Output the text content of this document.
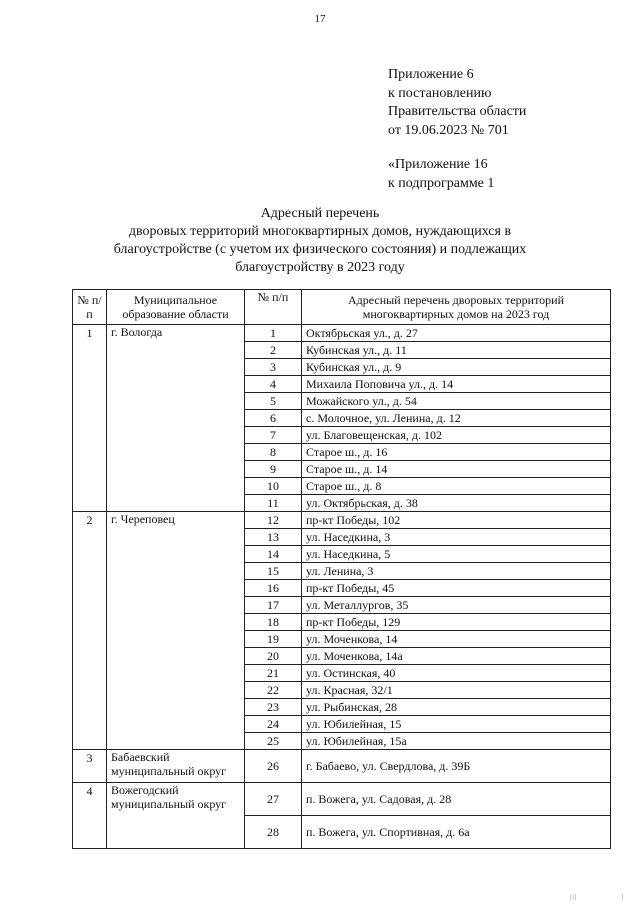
17
Приложение 6
к постановлению
Правительства области
от 19.06.2023 № 701
«Приложение 16
к подпрограмме 1
Адресный перечень
дворовых территорий многоквартирных домов, нуждающихся в
благоустройстве (с учетом их физического состояния) и подлежащих
благоустройству в 2023 году
№ п/п	Муниципальное образование области	№ п/п	Адресный перечень дворовых территорий многоквартирных домов на 2023 год
1	г. Вологда	1	Октябрьская ул., д. 27
		2	Кубинская ул., д. 11
		3	Кубинская ул., д. 9
		4	Михаила Поповича ул., д. 14
		5	Можайского ул., д. 54
		6	с. Молочное, ул. Ленина, д. 12
		7	ул. Благовещенская, д. 102
		8	Старое ш., д. 16
		9	Старое ш., д. 14
		10	Старое ш., д. 8
		11	ул. Октябрьская, д. 38
2	г. Череповец	12	пр-кт Победы, 102
		13	ул. Наседкина, 3
		14	ул. Наседкина, 5
		15	ул. Ленина, 3
		16	пр-кт Победы, 45
		17	ул. Металлургов, 35
		18	пр-кт Победы, 129
		19	ул. Моченкова, 14
		20	ул. Моченкова, 14а
		21	ул. Остинская, 40
		22	ул. Красная, 32/1
		23	ул. Рыбинская, 28
		24	ул. Юбилейная, 15
		25	ул. Юбилейная, 15а
3	Бабаевский муниципальный округ	26	г. Бабаево, ул. Свердлова, д. 39Б
4	Вожегодский муниципальный округ	27	п. Вожега, ул. Садовая, д. 28
		28	п. Вожега, ул. Спортивная, д. 6а
|||	|
